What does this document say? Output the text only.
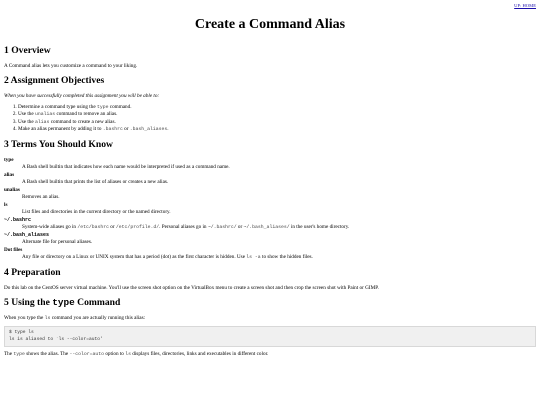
UP: HOME
Create a Command Alias
1 Overview

A Command alias lets you customize a command to your liking.

2 Assignment Objectives

When you have successfully completed this assignment you will be able to:

1. Determine a command type using the type command.
2. Use the unalias command to remove an alias.
3. Use the alias command to create a new alias.
4. Make an alias permanent by adding it to .bashrc or .bash_aliases.
3 Terms You Should Know
type
A Bash shell builtin that indicates how each name would be interpreted if used as a command name.
alias
A Bash shell builtin that prints the list of aliases or creates a new alias.
unalias
Removes an alias.
ls
List files and directories in the current directory or the named directory.
~/.bashrc
System-wide aliases go in /etc/bashrc or /etc/profile.d/. Personal aliases go in ~/.bashrc/ or ~/.bash_aliases/ in the user's home directory.
~/.bash_aliases
Alternate file for personal aliases.
Dot files
Any file or directory on a Linux or UNIX system that has a period (dot) as the first character is hidden. Use ls -a to show the hidden files.
4 Preparation

Do this lab on the CentOS server virtual machine. You'll use the screen shot option on the VirtualBox menu to create a screen shot and then crop the screen shot with Paint or GIMP.

5 Using the type Command

When you type the ls command you are actually running this alias:

$ type ls
ls is aliased to `ls --color=auto'

The type shows the alias. The --color=auto option to ls displays files, directories, links and executables in different color.
